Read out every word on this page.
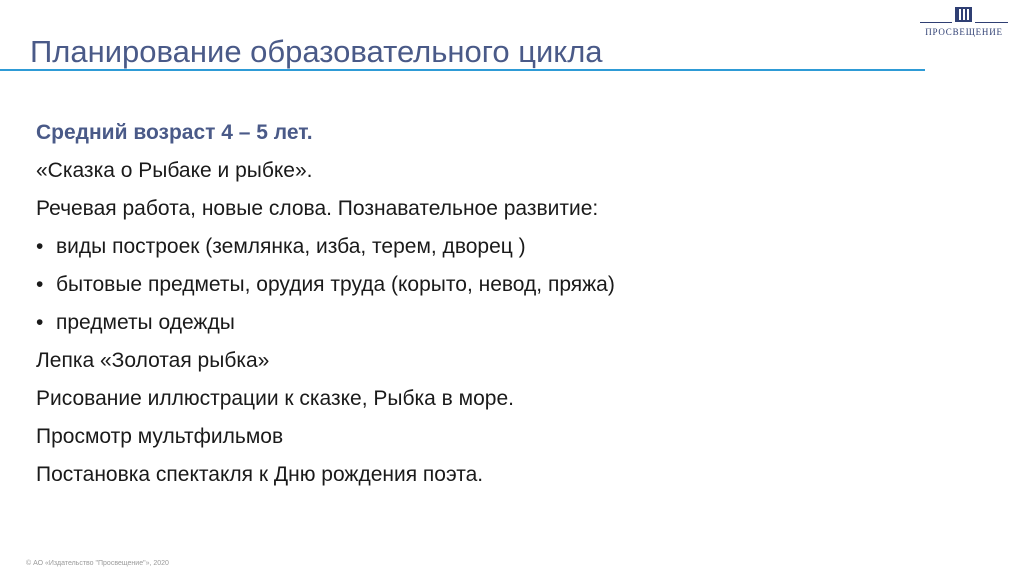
Планирование образовательного цикла
ПРОСВЕЩЕНИЕ
Средний возраст 4 – 5 лет.
«Сказка о Рыбаке и рыбке».
Речевая работа, новые слова. Познавательное развитие:
• виды построек (землянка, изба, терем, дворец )
• бытовые предметы, орудия труда (корыто, невод, пряжа)
• предметы одежды
Лепка «Золотая рыбка»
Рисование иллюстрации к сказке, Рыбка в море.
Просмотр мультфильмов
Постановка спектакля к Дню рождения поэта.
© АО «Издательство "Просвещение"», 2020
